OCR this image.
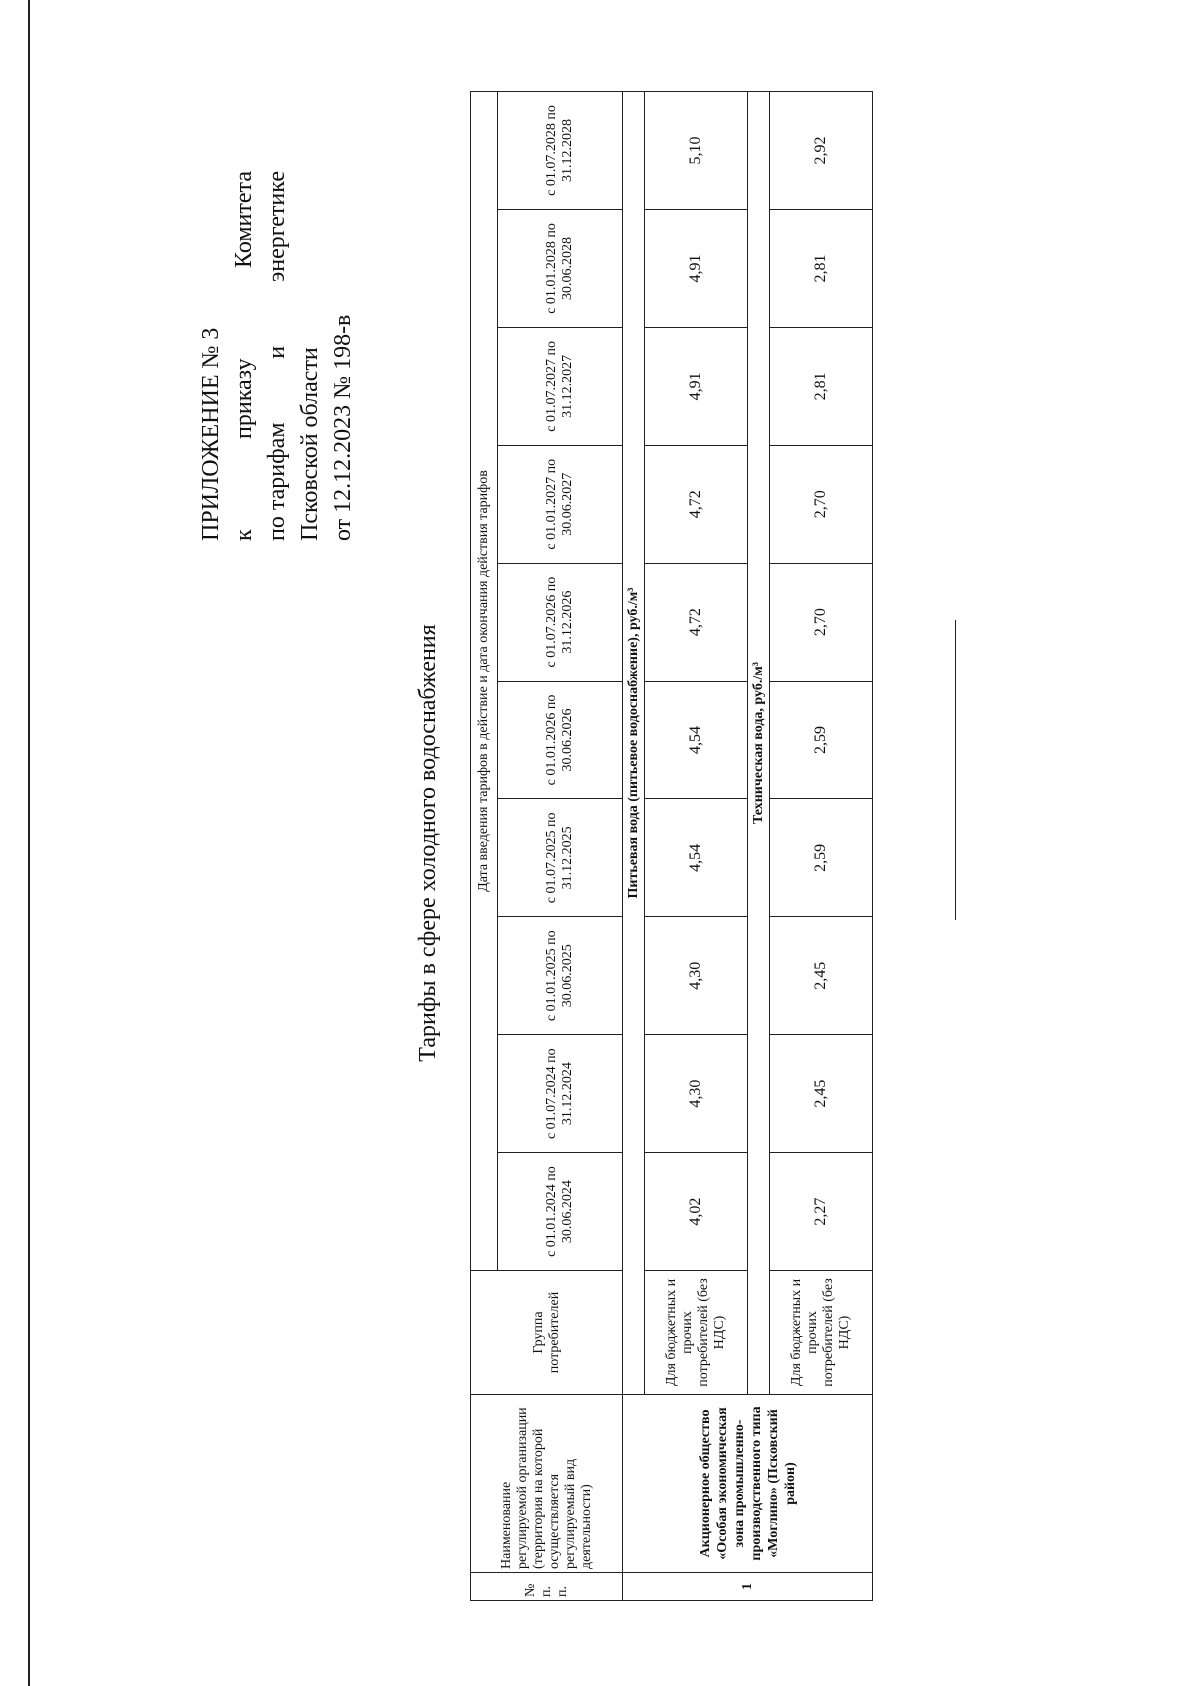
ПРИЛОЖЕНИЕ № 3 к
приказу
Комитета
по тарифам
и
энергетике
Псковской области от 12.12.2023 № 198-в
Тарифы в сфере холодного водоснабжения
№ п. п.	Наименование регулируемой организации (территория на которой осуществляется регулируемый вид деятельности)	Группа потребителей	Дата введения тарифов в действие и дата окончания действия тарифов									
			с 01.01.2024 по 30.06.2024	с 01.07.2024 по 31.12.2024	с 01.01.2025 по 30.06.2025	с 01.07.2025 по 31.12.2025	с 01.01.2026 по 30.06.2026	с 01.07.2026 по 31.12.2026	с 01.01.2027 по 30.06.2027	с 01.07.2027 по 31.12.2027	с 01.01.2028 по 30.06.2028	с 01.07.2028 по 31.12.2028
1	Акционерное общество «Особая экономическая зона промышленно-производственного типа «Моглино» (Псковский район)	Питьевая вода (питьевое водоснабжение), руб./м³										
		Для бюджетных и прочих потребителей (без НДС)	4,02	4,30	4,30	4,54	4,54	4,72	4,72	4,91	4,91	5,10
		Техническая вода, руб./м³										
		Для бюджетных и прочих потребителей (без НДС)	2,27	2,45	2,45	2,59	2,59	2,70	2,70	2,81	2,81	2,92
